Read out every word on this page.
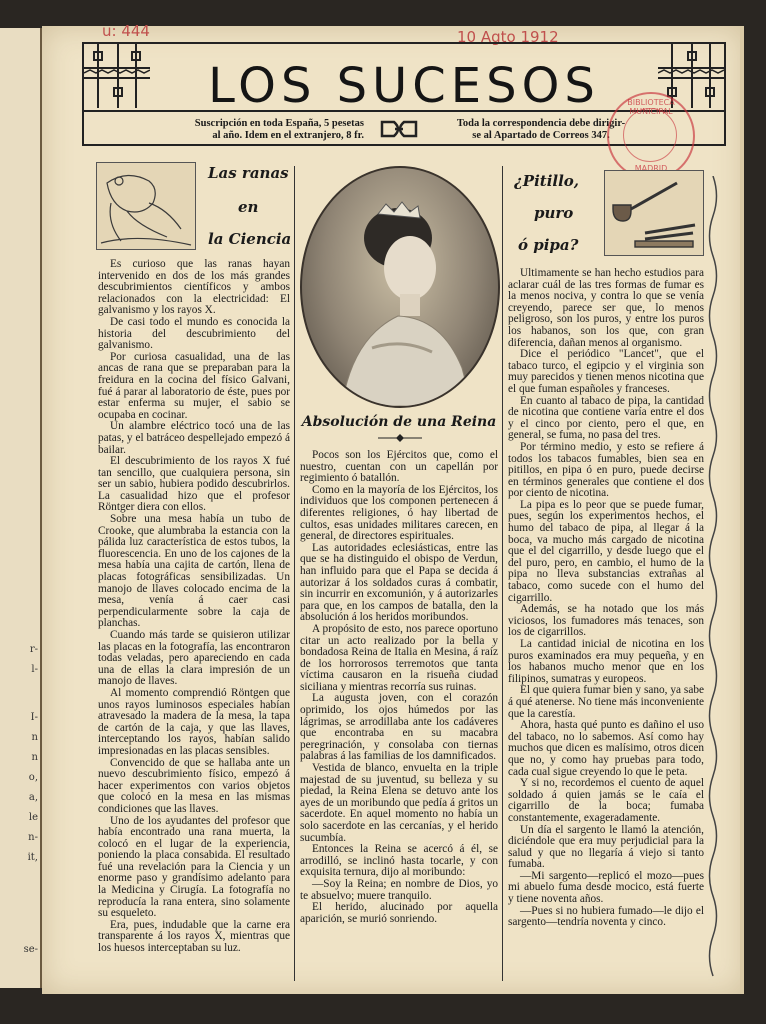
r-
l-
I-
n
n
o,
a,
le
n-
it,
se-
u: 444	10 Agto 1912
LOS SUCESOS
Suscripción en toda España, 5 pesetas
al año. Idem en el extranjero, 8 fr.
Toda la correspondencia debe dirigir-
se al Apartado de Correos 347.
BIBLIOTECA MUNICIPAL
MADRID
Las ranas
en
la Ciencia

Es curioso que las ranas hayan intervenido en dos de los más grandes descubrimientos científicos y ambos relacionados con la electricidad: El galvanismo y los rayos X.

De casi todo el mundo es conocida la historia del descubrimiento del galvanismo.

Por curiosa casualidad, una de las ancas de rana que se preparaban para la freidura en la cocina del físico Galvani, fué á parar al laboratorio de éste, pues por estar enferma su mujer, el sabio se ocupaba en cocinar.

Un alambre eléctrico tocó una de las patas, y el batráceo despellejado empezó á bailar.

El descubrimiento de los rayos X fué tan sencillo, que cualquiera persona, sin ser un sabio, hubiera podido descubrirlos. La casualidad hizo que el profesor Röntger diera con ellos.

Sobre una mesa había un tubo de Crooke, que alumbraba la estancia con la pálida luz característica de estos tubos, la fluorescencia. En uno de los cajones de la mesa había una cajita de cartón, llena de placas fotográficas sensibilizadas. Un manojo de llaves colocado encima de la mesa, venía á caer casi perpendicularmente sobre la caja de planchas.

Cuando más tarde se quisieron utilizar las placas en la fotografía, las encontraron todas veladas, pero apareciendo en cada una de ellas la clara impresión de un manojo de llaves.

Al momento comprendió Röntgen que unos rayos luminosos especiales habían atravesado la madera de la mesa, la tapa de cartón de la caja, y que las llaves, interceptando los rayos, habían salido impresionadas en las placas sensibles.

Convencido de que se hallaba ante un nuevo descubrimiento físico, empezó á hacer experimentos con varios objetos que colocó en la mesa en las mismas condiciones que las llaves.

Uno de los ayudantes del profesor que había encontrado una rana muerta, la colocó en el lugar de la experiencia, poniendo la placa consabida. El resultado fué una revelación para la Ciencia y un enorme paso y grandísimo adelanto para la Medicina y Cirugía. La fotografía no reproducía la rana entera, sino solamente su esqueleto.

Era, pues, indudable que la carne era transparente á los rayos X, mientras que los huesos interceptaban su luz.

Absolución de una Reina

Pocos son los Ejércitos que, como el nuestro, cuentan con un capellán por regimiento ó batallón.

Como en la mayoría de los Ejércitos, los individuos que los componen pertenecen á diferentes religiones, ó hay libertad de cultos, esas unidades militares carecen, en general, de directores espirituales.

Las autoridades eclesiásticas, entre las que se ha distinguido el obispo de Verdun, han influido para que el Papa se decida á autorizar á los soldados curas á combatir, sin incurrir en excomunión, y á autorizarles para que, en los campos de batalla, den la absolución á los heridos moribundos.

A propósito de esto, nos parece oportuno citar un acto realizado por la bella y bondadosa Reina de Italia en Mesina, á raíz de los horrorosos terremotos que tanta víctima causaron en la risueña ciudad siciliana y mientras recorría sus ruinas.

La augusta joven, con el corazón oprimido, los ojos húmedos por las lágrimas, se arrodillaba ante los cadáveres que encontraba en su macabra peregrinación, y consolaba con tiernas palabras á las familias de los damnificados.

Vestida de blanco, envuelta en la triple majestad de su juventud, su belleza y su piedad, la Reina Elena se detuvo ante los ayes de un moribundo que pedía á gritos un sacerdote. En aquel momento no había un solo sacerdote en las cercanías, y el herido sucumbía.

Entonces la Reina se acercó á él, se arrodilló, se inclinó hasta tocarle, y con exquisita ternura, dijo al moribundo:

—Soy la Reina; en nombre de Dios, yo te absuelvo; muere tranquilo.

El herido, alucinado por aquella aparición, se murió sonriendo.

¿Pitillo,
puro
ó pipa?

Ultimamente se han hecho estudios para aclarar cuál de las tres formas de fumar es la menos nociva, y contra lo que se venía creyendo, parece ser que, lo menos peligroso, son los puros, y entre los puros los habanos, son los que, con gran diferencia, dañan menos al organismo.

Dice el periódico "Lancet", que el tabaco turco, el egipcio y el virginia son muy parecidos y tienen menos nicotina que el que fuman españoles y franceses.

En cuanto al tabaco de pipa, la cantidad de nicotina que contiene varía entre el dos y el cinco por ciento, pero el que, en general, se fuma, no pasa del tres.

Por término medio, y esto se refiere á todos los tabacos fumables, bien sea en pitillos, en pipa ó en puro, puede decirse en términos generales que contiene el dos por ciento de nicotina.

La pipa es lo peor que se puede fumar, pues, según los experimentos hechos, el humo del tabaco de pipa, al llegar á la boca, va mucho más cargado de nicotina que el del cigarrillo, y desde luego que el del puro, pero, en cambio, el humo de la pipa no lleva substancias extrañas al tabaco, como sucede con el humo del cigarrillo.

Además, se ha notado que los más viciosos, los fumadores más tenaces, son los de cigarrillos.

La cantidad inicial de nicotina en los puros examinados era muy pequeña, y en los habanos mucho menor que en los filipinos, sumatras y europeos.

El que quiera fumar bien y sano, ya sabe á qué atenerse. No tiene más inconveniente que la carestía.

Ahora, hasta qué punto es dañino el uso del tabaco, no lo sabemos. Así como hay muchos que dicen es malísimo, otros dicen que no, y como hay pruebas para todo, cada cual sigue creyendo lo que le peta.

Y si no, recordemos el cuento de aquel soldado á quien jamás se le caía el cigarrillo de la boca; fumaba constantemente, exageradamente.

Un día el sargento le llamó la atención, diciéndole que era muy perjudicial para la salud y que no llegaría á viejo si tanto fumaba.

—Mi sargento—replicó el mozo—pues mi abuelo fuma desde mocico, está fuerte y tiene noventa años.

—Pues si no hubiera fumado—le dijo el sargento—tendría noventa y cinco.
